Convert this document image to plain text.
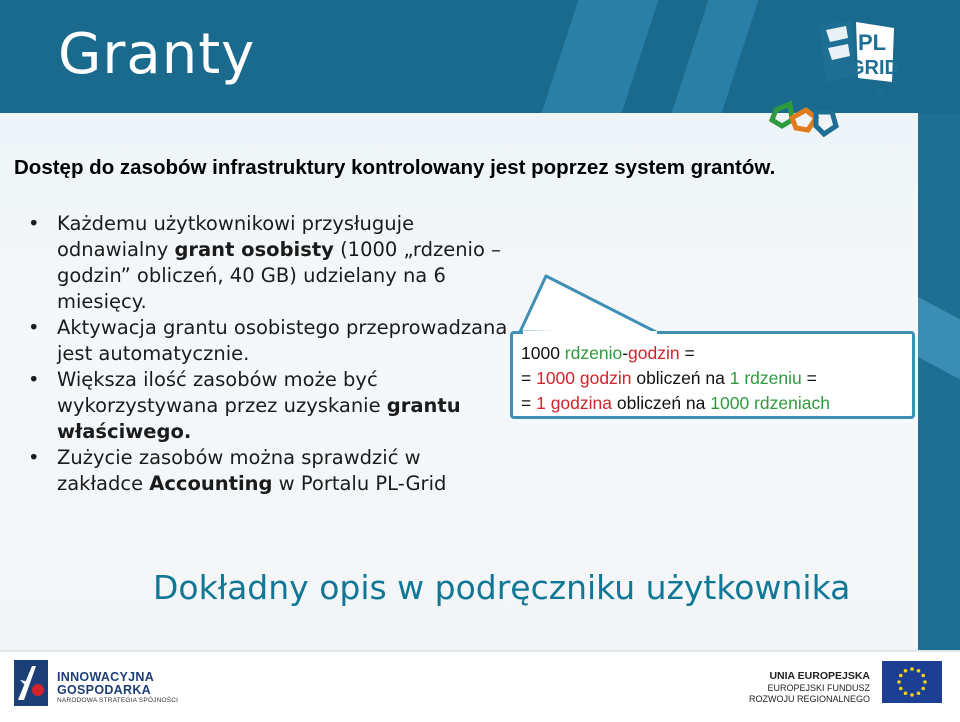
Granty	PL
GRID
+
QCG
Dostęp do zasobów infrastruktury kontrolowany jest poprzez system grantów.
• Każdemu użytkownikowi przysługuje odnawialny grant osobisty (1000 „rdzenio – godzin” obliczeń, 40 GB) udzielany na 6 miesięcy.
• Aktywacja grantu osobistego przeprowadzana jest automatycznie.
• Większa ilość zasobów może być wykorzystywana przez uzyskanie grantu właściwego.
• Zużycie zasobów można sprawdzić w zakładce Accounting w Portalu PL-Grid
1000 rdzenio-godzin =
= 1000 godzin obliczeń na 1 rdzeniu =
= 1 godzina obliczeń na 1000 rdzeniach
Dokładny opis w podręczniku użytkownika
INNOWACYJNA
GOSPODARKA
NARODOWA STRATEGIA SPÓJNOŚCI
UNIA EUROPEJSKA
EUROPEJSKI FUNDUSZ
ROZWOJU REGIONALNEGO
